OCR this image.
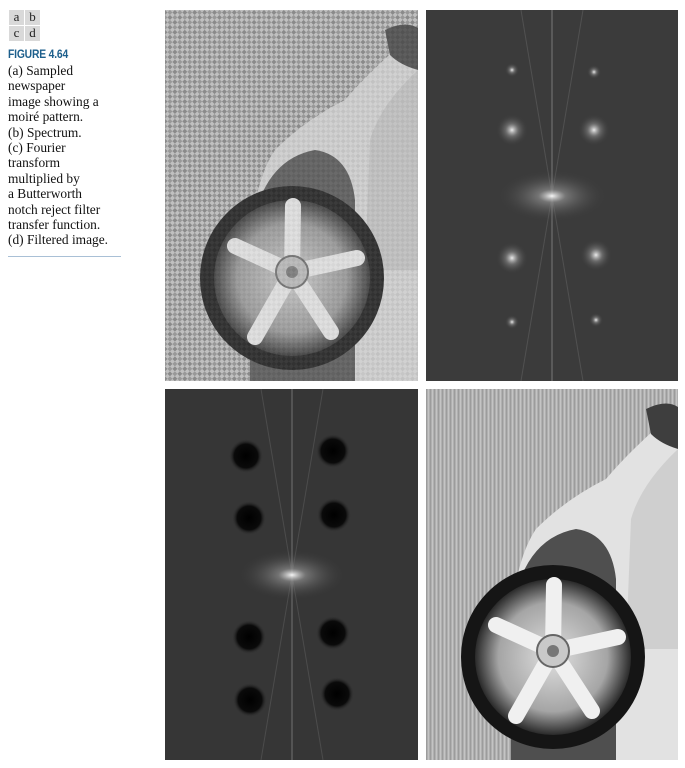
a b
c d
FIGURE 4.64
(a) Sampled
newspaper
image showing a
moiré pattern.
(b) Spectrum.
(c) Fourier
transform
multiplied by
a Butterworth
notch reject filter
transfer function.
(d) Filtered image.
